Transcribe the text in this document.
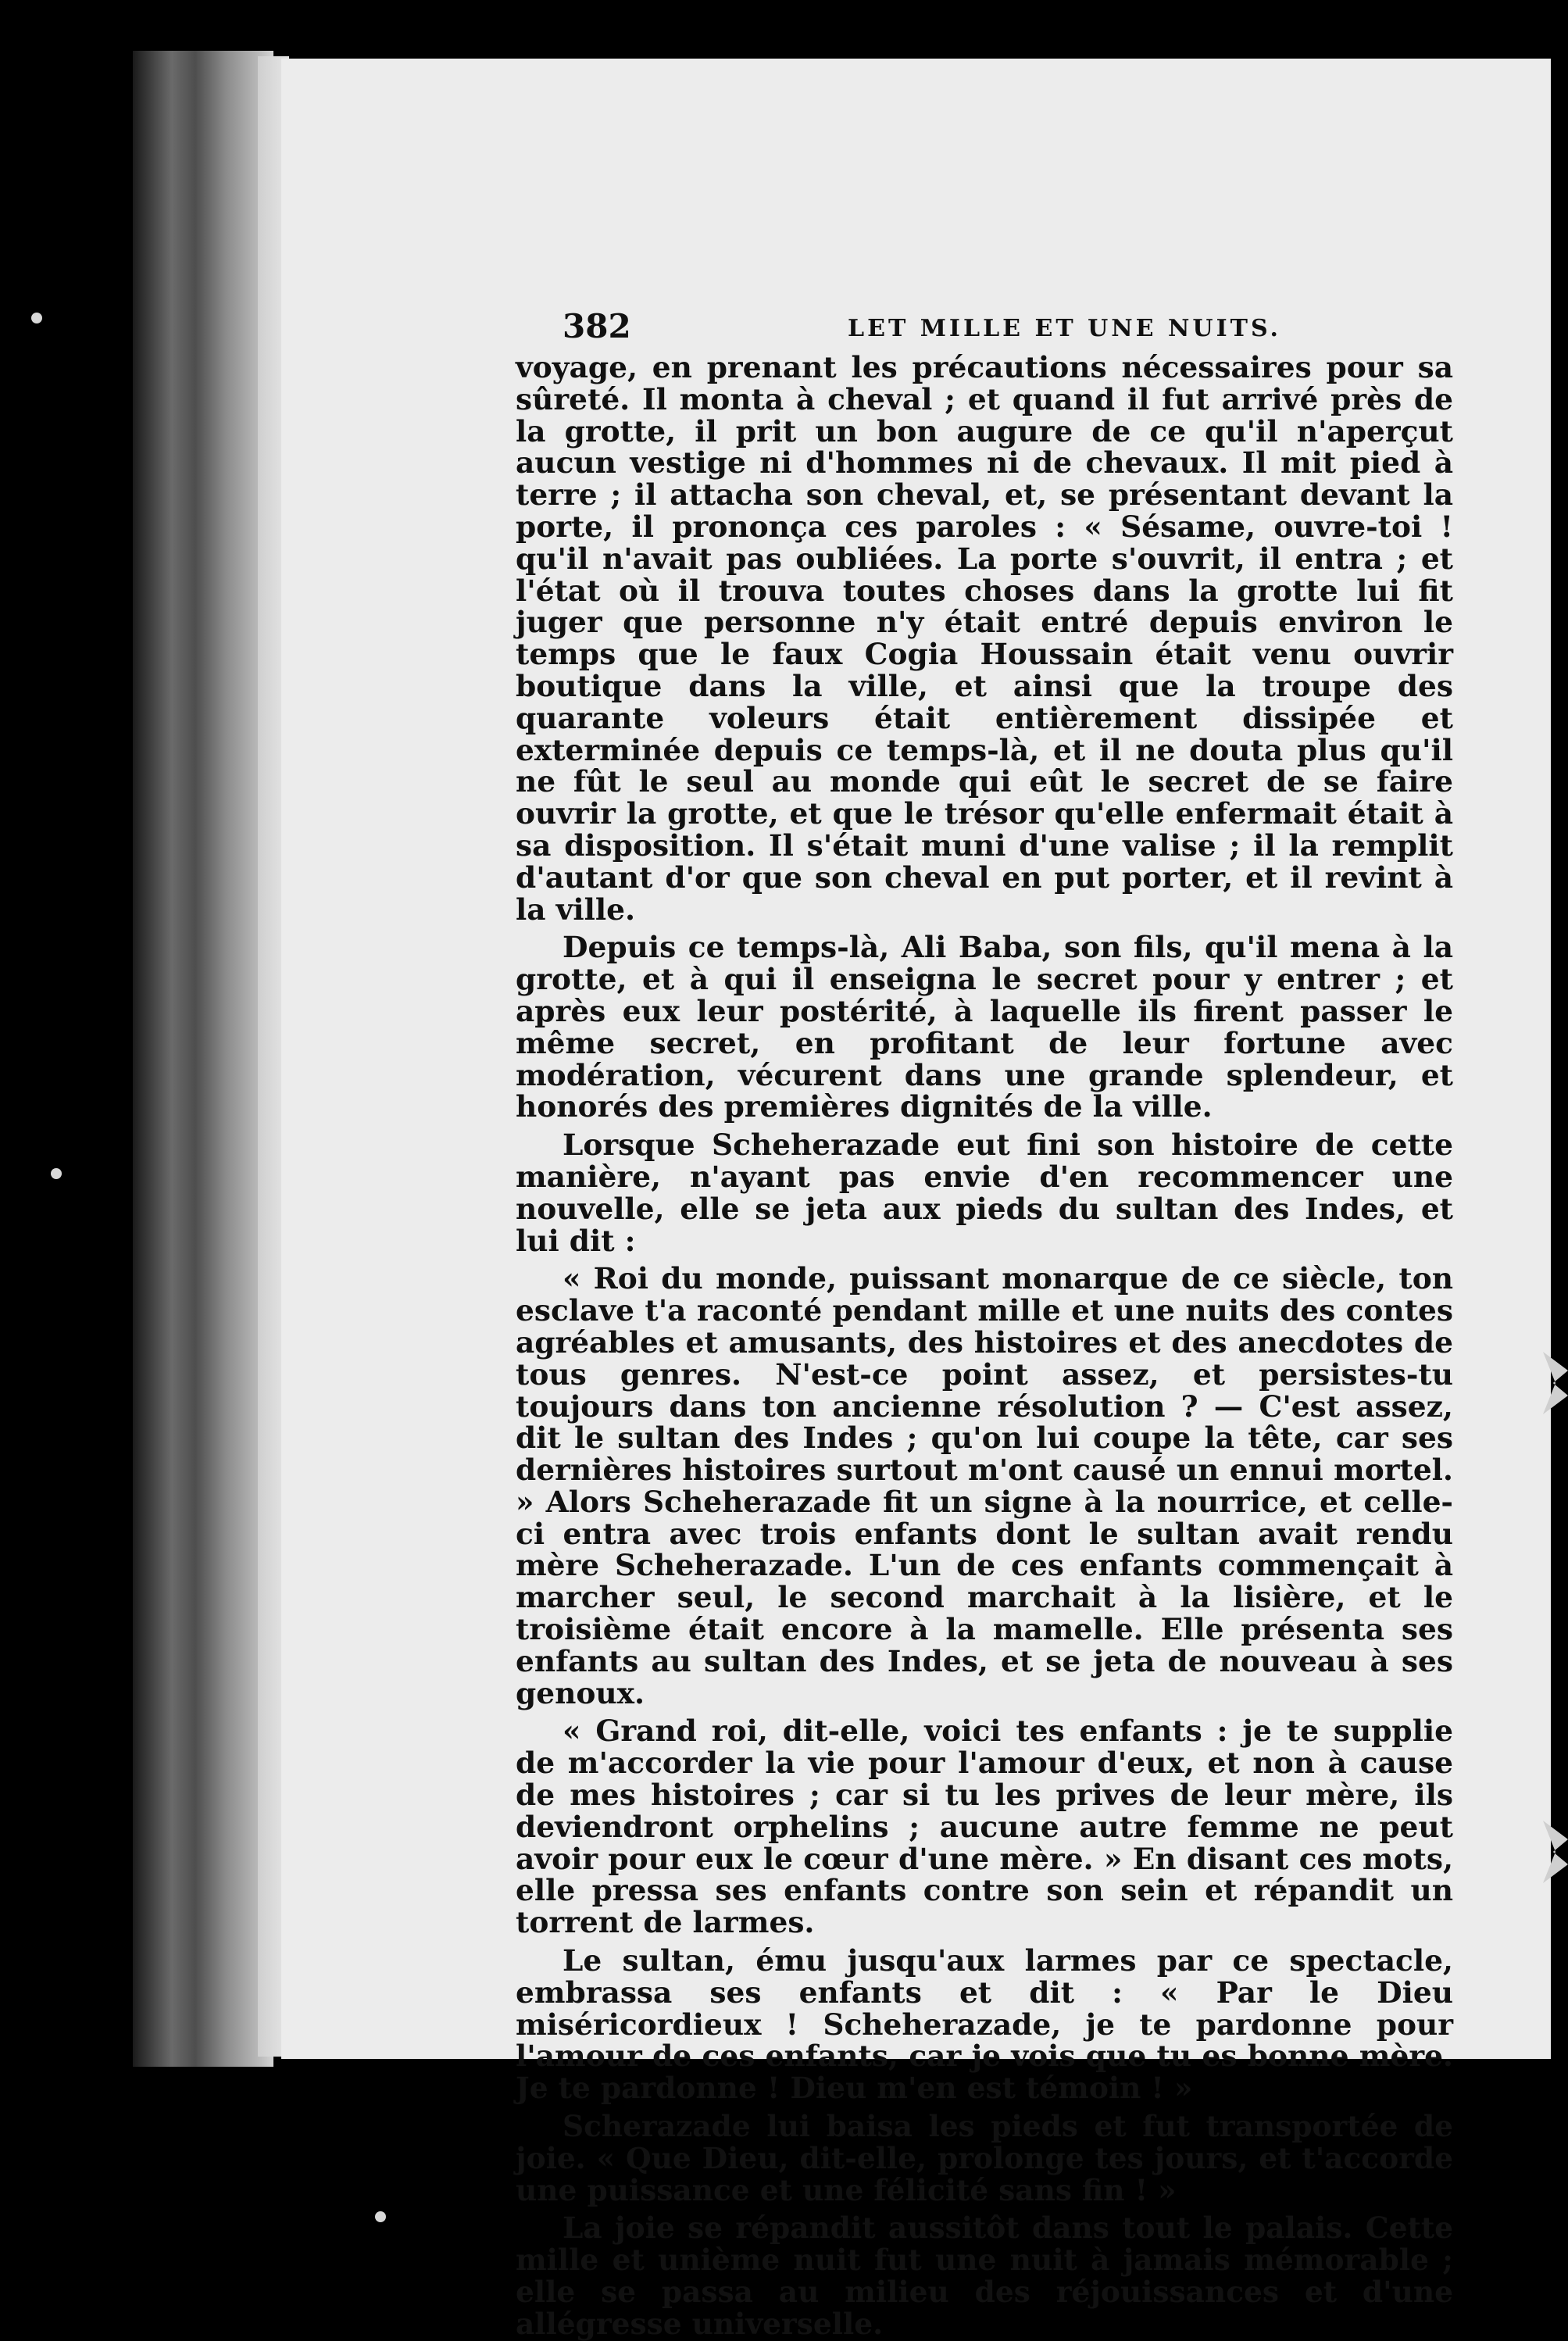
382	LET MILLE ET UNE NUITS.

voyage, en prenant les précautions nécessaires pour sa sûreté. Il monta à cheval ; et quand il fut arrivé près de la grotte, il prit un bon augure de ce qu'il n'aperçut aucun vestige ni d'hommes ni de chevaux. Il mit pied à terre ; il attacha son cheval, et, se présentant devant la porte, il prononça ces paroles : « Sésame, ouvre-toi ! qu'il n'avait pas oubliées. La porte s'ouvrit, il entra ; et l'état où il trouva toutes choses dans la grotte lui fit juger que personne n'y était entré depuis environ le temps que le faux Cogia Houssain était venu ouvrir boutique dans la ville, et ainsi que la troupe des quarante voleurs était entièrement dissipée et exterminée depuis ce temps-là, et il ne douta plus qu'il ne fût le seul au monde qui eût le secret de se faire ouvrir la grotte, et que le trésor qu'elle enfermait était à sa disposition. Il s'était muni d'une valise ; il la remplit d'autant d'or que son cheval en put porter, et il revint à la ville.

Depuis ce temps-là, Ali Baba, son fils, qu'il mena à la grotte, et à qui il enseigna le secret pour y entrer ; et après eux leur postérité, à laquelle ils firent passer le même secret, en profitant de leur fortune avec modération, vécurent dans une grande splendeur, et honorés des premières dignités de la ville.

Lorsque Scheherazade eut fini son histoire de cette manière, n'ayant pas envie d'en recommencer une nouvelle, elle se jeta aux pieds du sultan des Indes, et lui dit :

« Roi du monde, puissant monarque de ce siècle, ton esclave t'a raconté pendant mille et une nuits des contes agréables et amusants, des histoires et des anecdotes de tous genres. N'est-ce point assez, et persistes-tu toujours dans ton ancienne résolution ? — C'est assez, dit le sultan des Indes ; qu'on lui coupe la tête, car ses dernières histoires surtout m'ont causé un ennui mortel. » Alors Scheherazade fit un signe à la nourrice, et celle-ci entra avec trois enfants dont le sultan avait rendu mère Scheherazade. L'un de ces enfants commençait à marcher seul, le second marchait à la lisière, et le troisième était encore à la mamelle. Elle présenta ses enfants au sultan des Indes, et se jeta de nouveau à ses genoux.

« Grand roi, dit-elle, voici tes enfants : je te supplie de m'accorder la vie pour l'amour d'eux, et non à cause de mes histoires ; car si tu les prives de leur mère, ils deviendront orphelins ; aucune autre femme ne peut avoir pour eux le cœur d'une mère. » En disant ces mots, elle pressa ses enfants contre son sein et répandit un torrent de larmes.

Le sultan, ému jusqu'aux larmes par ce spectacle, embrassa ses enfants et dit : « Par le Dieu miséricordieux ! Scheherazade, je te pardonne pour l'amour de ces enfants, car je vois que tu es bonne mère. Je te pardonne ! Dieu m'en est témoin ! »

Scherazade lui baisa les pieds et fut transportée de joie. « Que Dieu, dit-elle, prolonge tes jours, et t'accorde une puissance et une félicité sans fin ! »

La joie se répandit aussitôt dans tout le palais. Cette mille et unième nuit fut une nuit à jamais mémorable ; elle se passa au milieu des réjouissances et d'une allégresse universelle.
